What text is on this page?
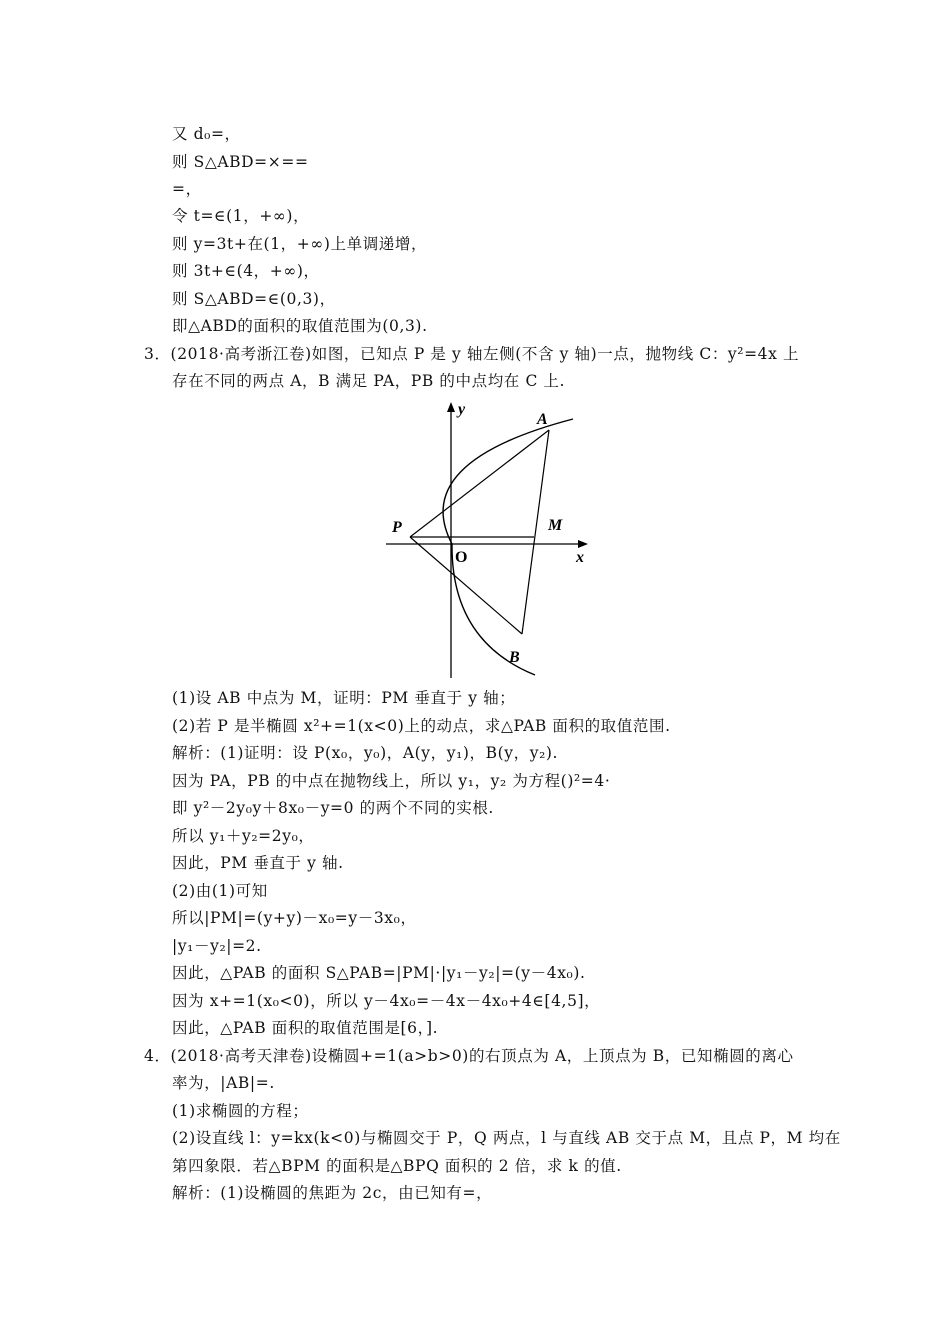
又 d₀=，
则 S△ABD=×==
=，
令 t=∈(1，+∞)，
则 y=3t+在(1，+∞)上单调递增，
则 3t+∈(4，+∞)，
则 S△ABD=∈(0,3)，
即△ABD的面积的取值范围为(0,3).
3．(2018·高考浙江卷)如图，已知点 P 是 y 轴左侧(不含 y 轴)一点，抛物线 C：y²=4x 上
存在不同的两点 A，B 满足 PA，PB 的中点均在 C 上.
y
x
A
P	M
O
B
(1)设 AB 中点为 M，证明：PM 垂直于 y 轴；
(2)若 P 是半椭圆 x²+=1(x<0)上的动点，求△PAB 面积的取值范围.
解析：(1)证明：设 P(x₀，y₀)，A(y，y₁)，B(y，y₂).
因为 PA，PB 的中点在抛物线上，所以 y₁，y₂ 为方程()²=4·
即 y²－2y₀y＋8x₀－y=0 的两个不同的实根.
所以 y₁＋y₂=2y₀，
因此，PM 垂直于 y 轴.
(2)由(1)可知
所以|PM|=(y+y)－x₀=y－3x₀，
|y₁－y₂|=2.
因此，△PAB 的面积 S△PAB=|PM|·|y₁－y₂|=(y－4x₀).
因为 x+=1(x₀<0)，所以 y－4x₀=－4x－4x₀+4∈[4,5]，
因此，△PAB 面积的取值范围是[6，].
4．(2018·高考天津卷)设椭圆+=1(a>b>0)的右顶点为 A，上顶点为 B，已知椭圆的离心
率为，|AB|=.
(1)求椭圆的方程；
(2)设直线 l：y=kx(k<0)与椭圆交于 P，Q 两点，l 与直线 AB 交于点 M，且点 P，M 均在
第四象限．若△BPM 的面积是△BPQ 面积的 2 倍，求 k 的值.
解析：(1)设椭圆的焦距为 2c，由已知有=，
